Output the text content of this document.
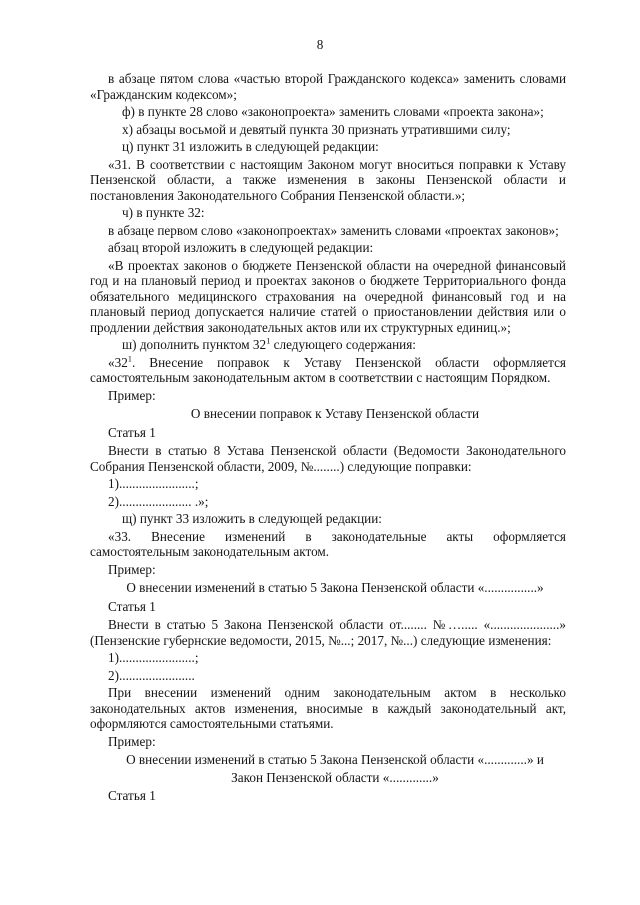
8

в абзаце пятом слова «частью второй Гражданского кодекса» заменить словами «Гражданским кодексом»;

ф) в пункте 28 слово «законопроекта» заменить словами «проекта закона»;

х) абзацы восьмой и девятый пункта 30 признать утратившими силу;

ц) пункт 31 изложить в следующей редакции:

«31. В соответствии с настоящим Законом могут вноситься поправки к Уставу Пензенской области, а также изменения в законы Пензенской области и постановления Законодательного Собрания Пензенской области.»;

ч) в пункте 32:

в абзаце первом слово «законопроектах» заменить словами «проектах законов»;

абзац второй изложить в следующей редакции:

«В проектах законов о бюджете Пензенской области на очередной финансовый год и на плановый период и проектах законов о бюджете Территориального фонда обязательного медицинского страхования на очередной финансовый год и на плановый период допускается наличие статей о приостановлении действия или о продлении действия законодательных актов или их структурных единиц.»;

ш) дополнить пунктом $32^1$ следующего содержания:

«$32^1$. Внесение поправок к Уставу Пензенской области оформляется самостоятельным законодательным актом в соответствии с настоящим Порядком.

Пример:

О внесении поправок к Уставу Пензенской области

Статья 1

Внести в статью 8 Устава Пензенской области (Ведомости Законодательного Собрания Пензенской области, 2009, №........) следующие поправки:

1).......................;

2)...................... .»;

щ) пункт 33 изложить в следующей редакции:

«33. Внесение изменений в законодательные акты оформляется самостоятельным законодательным актом.

Пример:

О внесении изменений в статью 5 Закона Пензенской области «................»

Статья 1

Внести в статью 5 Закона Пензенской области от........ №…..... «.....................» (Пензенские губернские ведомости, 2015, №...; 2017, №...) следующие изменения:

1).......................;

2).......................

При внесении изменений одним законодательным актом в несколько законодательных актов изменения, вносимые в каждый законодательный акт, оформляются самостоятельными статьями.

Пример:

О внесении изменений в статью 5 Закона Пензенской области «.............» и

Закон Пензенской области «.............»

Статья 1
